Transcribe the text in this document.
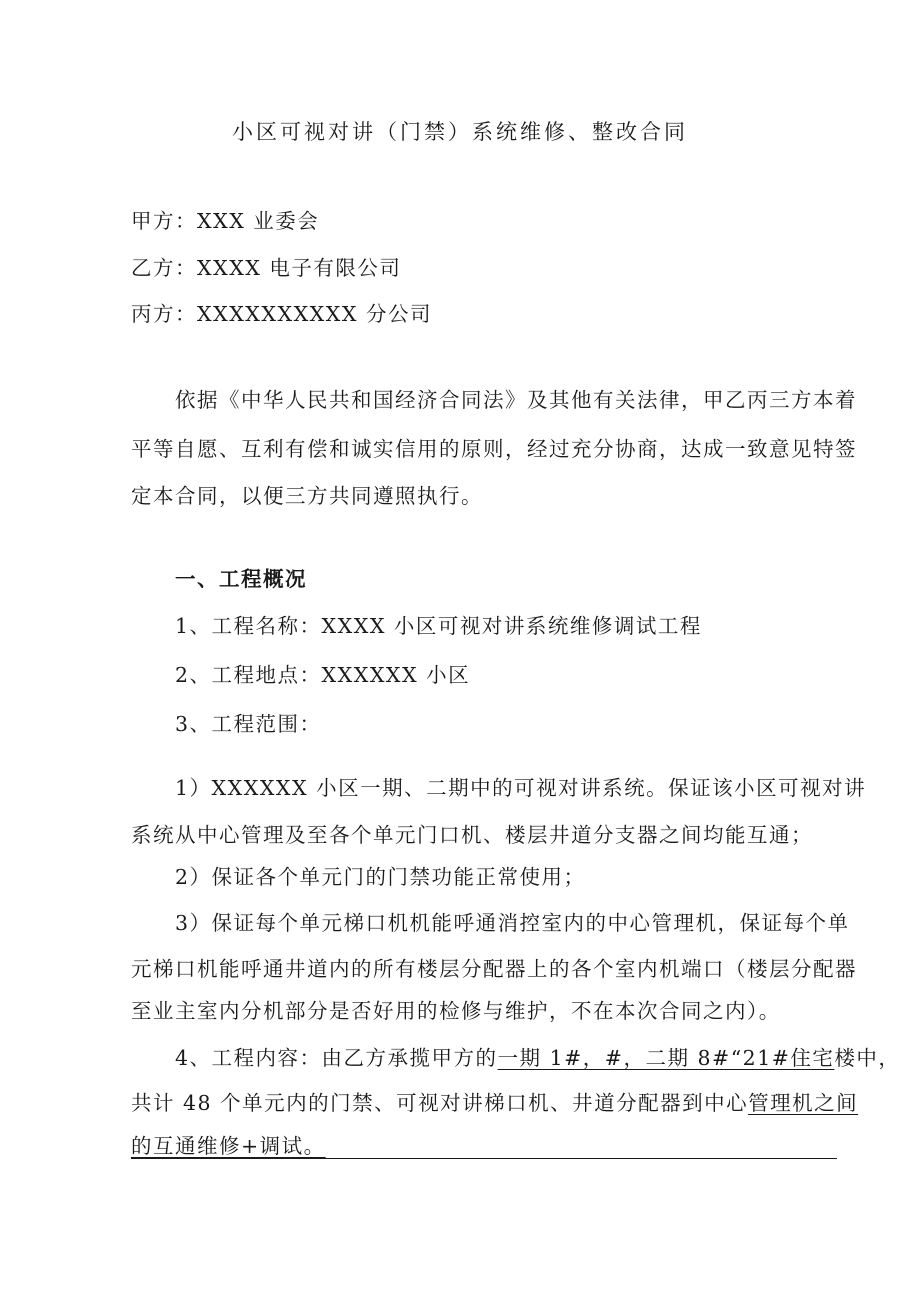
小区可视对讲（门禁）系统维修、整改合同
甲方：XXX 业委会
乙方：XXXX 电子有限公司
丙方：XXXXXXXXXX 分公司
依据《中华人民共和国经济合同法》及其他有关法律，甲乙丙三方本着
平等自愿、互利有偿和诚实信用的原则，经过充分协商，达成一致意见特签
定本合同，以便三方共同遵照执行。
一、工程概况
1、工程名称：XXXX 小区可视对讲系统维修调试工程
2、工程地点：XXXXXX 小区
3、工程范围：
1）XXXXXX 小区一期、二期中的可视对讲系统。保证该小区可视对讲
系统从中心管理及至各个单元门口机、楼层井道分支器之间均能互通；
2）保证各个单元门的门禁功能正常使用；
3）保证每个单元梯口机机能呼通消控室内的中心管理机，保证每个单
元梯口机能呼通井道内的所有楼层分配器上的各个室内机端口（楼层分配器
至业主室内分机部分是否好用的检修与维护，不在本次合同之内）。
4、工程内容：由乙方承揽甲方的一期 1#，#，二期 8#“21#住宅楼中，
共计 48 个单元内的门禁、可视对讲梯口机、井道分配器到中心管理机之间
的互通维修+调试。
